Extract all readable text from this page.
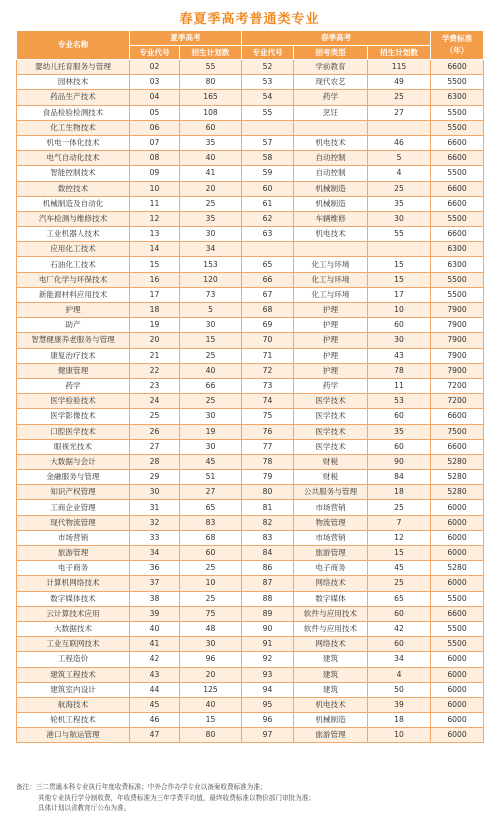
春夏季高考普通类专业
专业名称	夏季高考		春季高考			学费标准
（年）

	专业代号	招生计划数	专业代号	招考类型	招生计划数	
婴幼儿托育服务与管理	02	55	52	学前教育	115	6600
园林技术	03	80	53	现代农艺	49	5500
药品生产技术	04	165	54	药学	25	6300
食品检验检测技术	05	108	55	烹饪	27	5500
化工生物技术	06	60				5500
机电一体化技术	07	35	57	机电技术	46	6600
电气自动化技术	08	40	58	自动控制	5	6600
智能控制技术	09	41	59	自动控制	4	5500
数控技术	10	20	60	机械制造	25	6600
机械制造及自动化	11	25	61	机械制造	35	6600
汽车检测与维修技术	12	35	62	车辆维修	30	5500
工业机器人技术	13	30	63	机电技术	55	6600
应用化工技术	14	34				6300
石油化工技术	15	153	65	化工与环境	15	6300
电厂化学与环保技术	16	120	66	化工与环境	15	5500
新能源材料应用技术	17	73	67	化工与环境	17	5500
护理	18	5	68	护理	10	7900
助产	19	30	69	护理	60	7900
智慧健康养老服务与管理	20	15	70	护理	30	7900
康复治疗技术	21	25	71	护理	43	7900
健康管理	22	40	72	护理	78	7900
药学	23	66	73	药学	11	7200
医学检验技术	24	25	74	医学技术	53	7200
医学影像技术	25	30	75	医学技术	60	6600
口腔医学技术	26	19	76	医学技术	35	7500
眼视光技术	27	30	77	医学技术	60	6600
大数据与会计	28	45	78	财税	90	5280
金融服务与管理	29	51	79	财税	84	5280
知识产权管理	30	27	80	公共服务与管理	18	5280
工商企业管理	31	65	81	市场营销	25	6000
现代物流管理	32	83	82	物流管理	7	6000
市场营销	33	68	83	市场营销	12	6000
旅游管理	34	60	84	旅游管理	15	6000
电子商务	36	25	86	电子商务	45	5280
计算机网络技术	37	10	87	网络技术	25	6000
数字媒体技术	38	25	88	数字媒体	65	5500
云计算技术应用	39	75	89	软件与应用技术	60	6600
大数据技术	40	48	90	软件与应用技术	42	5500
工业互联网技术	41	30	91	网络技术	60	5500
工程造价	42	96	92	建筑	34	6000
建筑工程技术	43	20	93	建筑	4	6000
建筑室内设计	44	125	94	建筑	50	6000
航海技术	45	40	95	机电技术	39	6000
轮机工程技术	46	15	96	机械制造	18	6000
港口与航运管理	47	80	97	旅游管理	10	6000
备注：三二贯通本科专业执行年度收费标准；中外合作办学专业以备案收费标准为准；
其他专业执行学分制收费，年收费标准为三年学费平均值，最终收费标准以物价部门审批为准；
具体计划以省教育厅公布为准。
